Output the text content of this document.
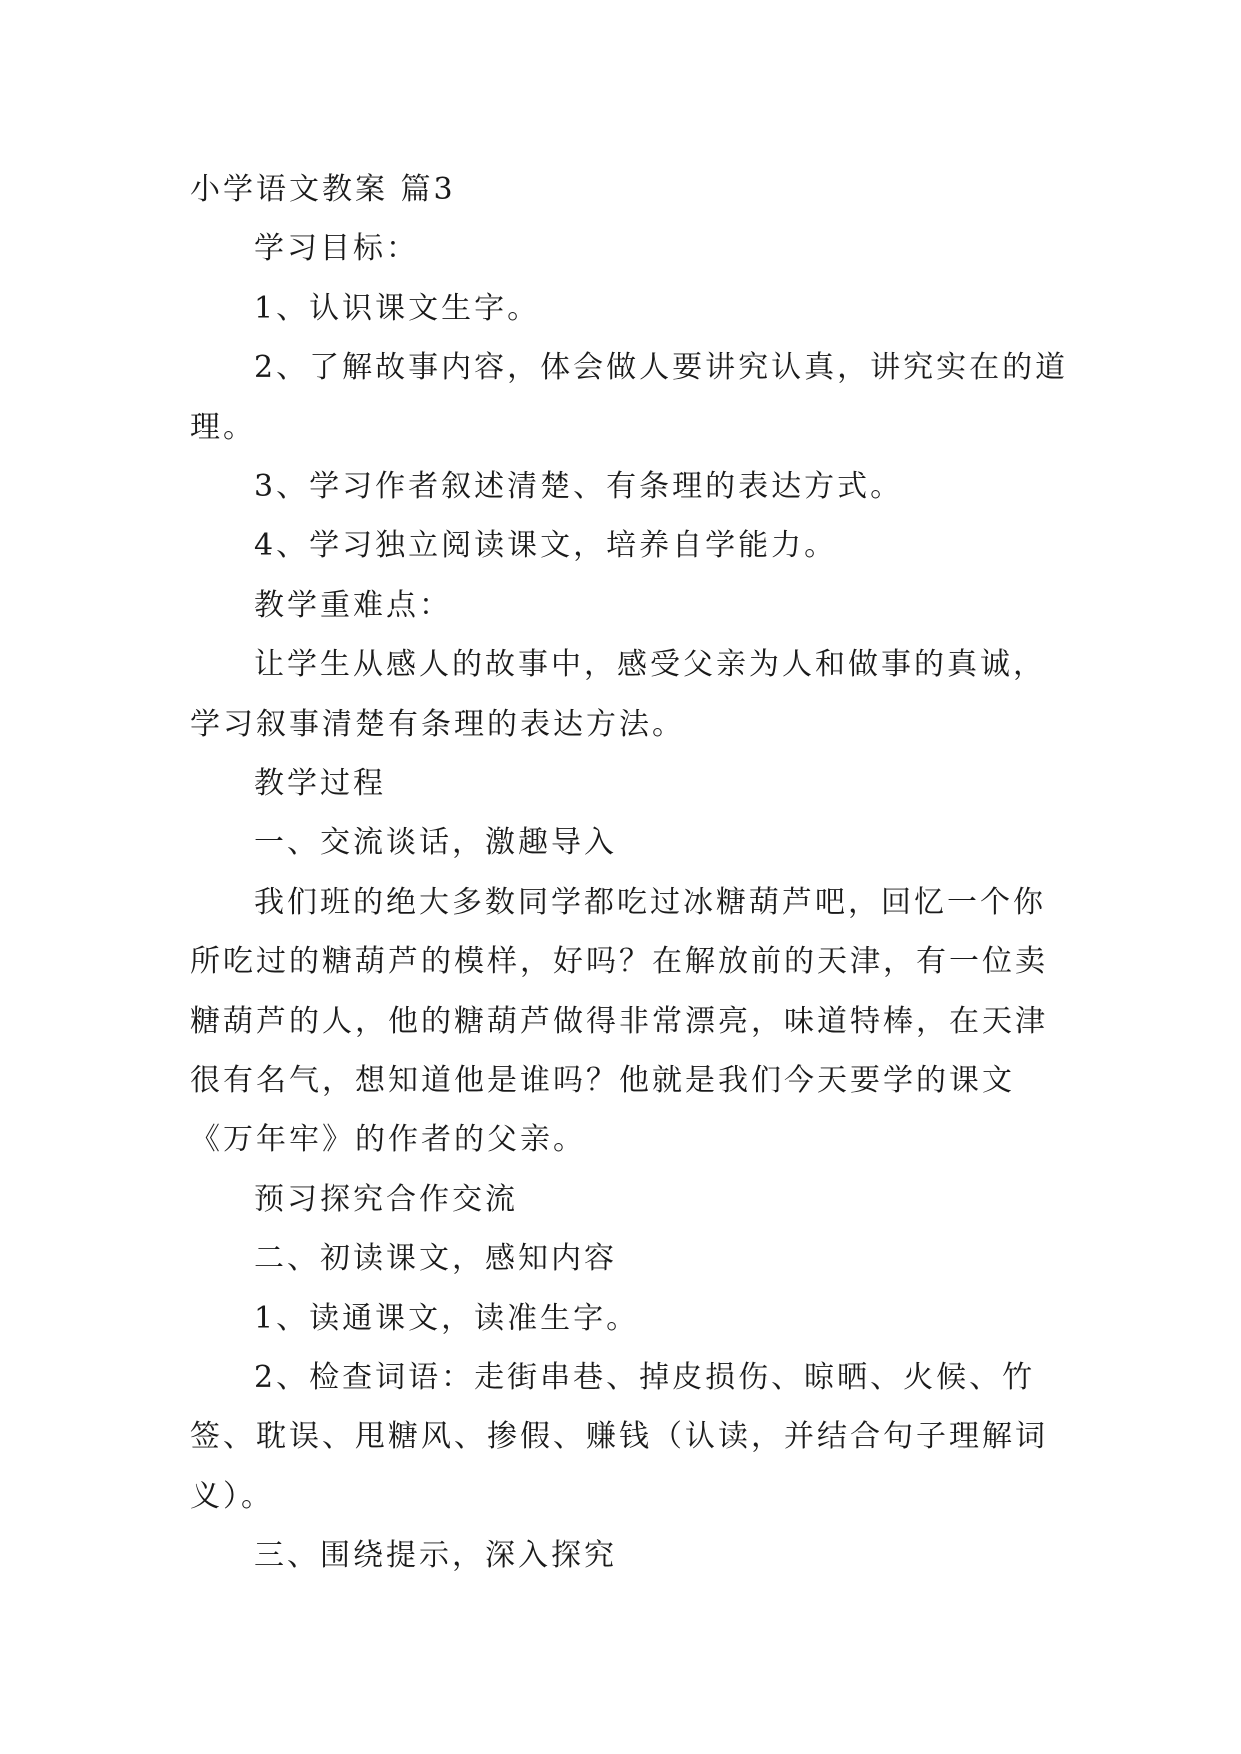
小学语文教案 篇3

学习目标：

1、认识课文生字。

2、了解故事内容，体会做人要讲究认真，讲究实在的道理。

3、学习作者叙述清楚、有条理的表达方式。

4、学习独立阅读课文，培养自学能力。

教学重难点：

让学生从感人的故事中，感受父亲为人和做事的真诚，学习叙事清楚有条理的表达方法。

教学过程

一、交流谈话，激趣导入

我们班的绝大多数同学都吃过冰糖葫芦吧，回忆一个你所吃过的糖葫芦的模样，好吗？在解放前的天津，有一位卖糖葫芦的人，他的糖葫芦做得非常漂亮，味道特棒，在天津很有名气，想知道他是谁吗？他就是我们今天要学的课文《万年牢》的作者的父亲。

预习探究合作交流

二、初读课文，感知内容

1、读通课文，读准生字。

2、检查词语：走街串巷、掉皮损伤、晾晒、火候、竹签、耽误、甩糖风、掺假、赚钱（认读，并结合句子理解词义）。

三、围绕提示，深入探究
